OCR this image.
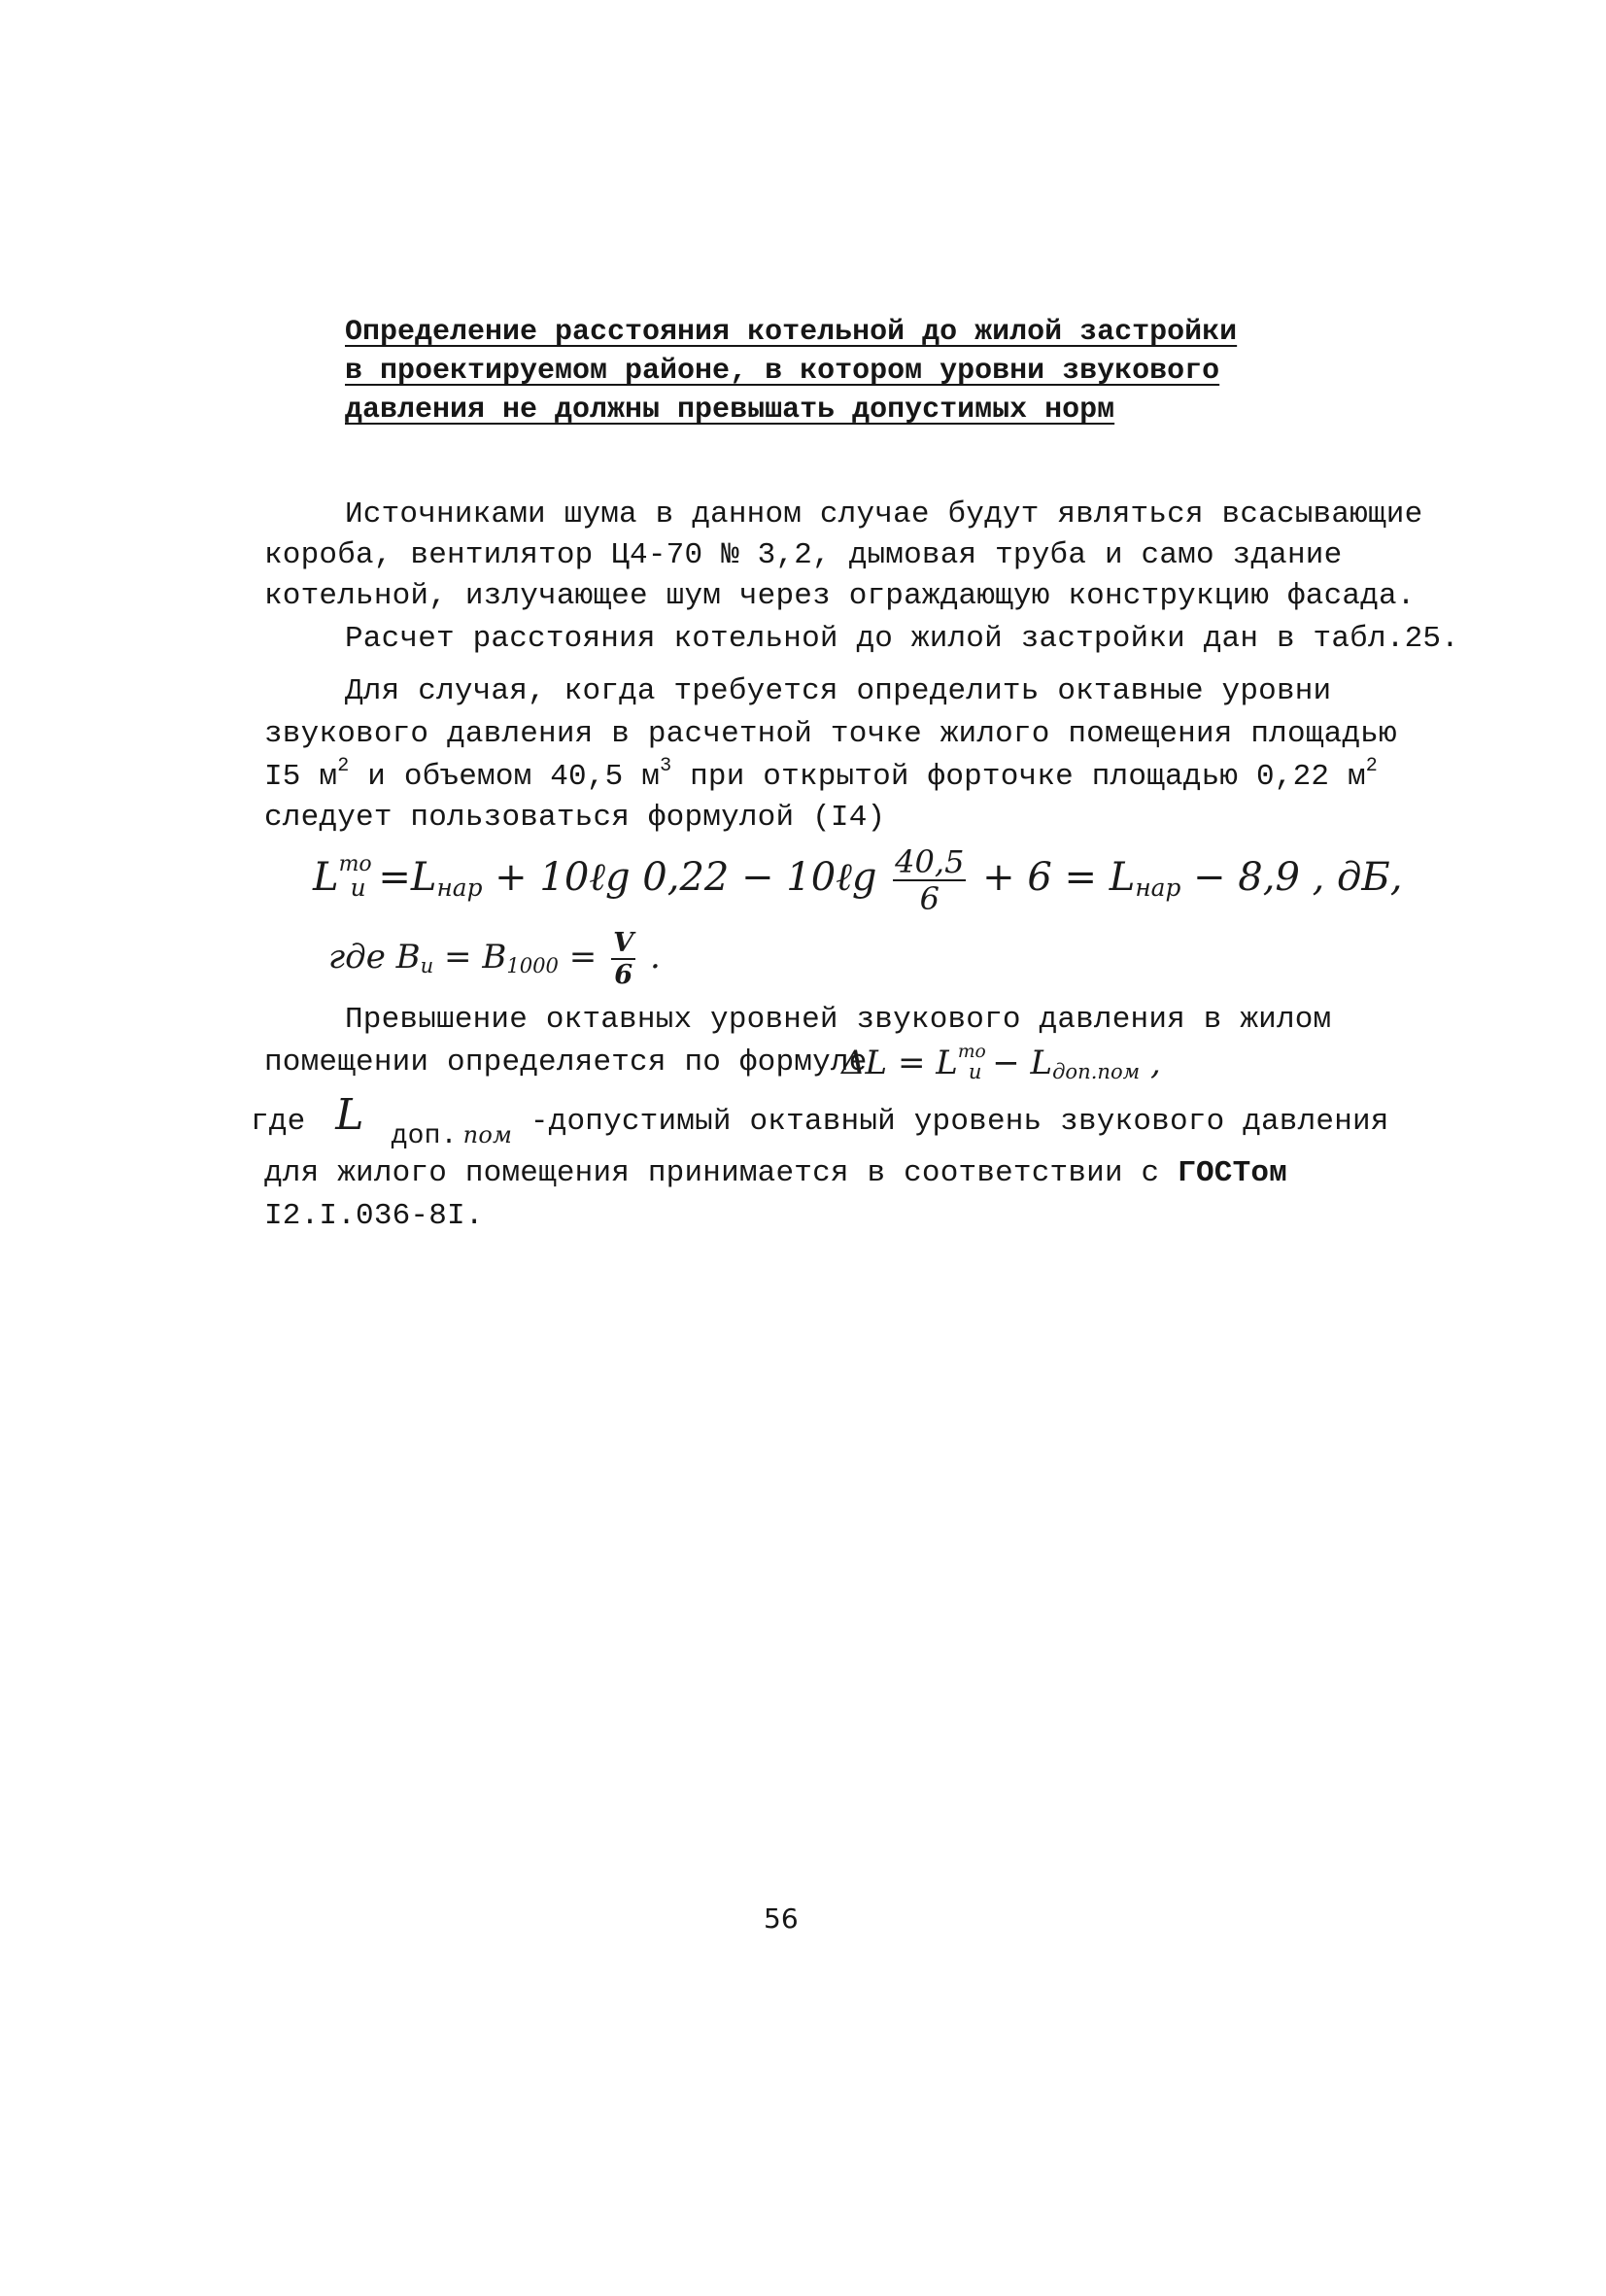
Определение расстояния котельной до жилой застройки
в проектируемом районе, в котором уровни звукового
давления не должны превышать допустимых норм
Источниками шума в данном случае будут являться всасывающие
короба, вентилятор Ц4-70 № 3,2, дымовая труба и само здание
котельной, излучающее шум через ограждающую конструкцию фасада.
Расчет расстояния котельной до жилой застройки дан в табл.25.
Для случая, когда требуется определить октавные уровни
звукового давления в расчетной точке жилого помещения площадью
I5 $м^2$ и объемом 40,5 $м^3$ при открытой форточке площадью 0,22 $м^2$
следует пользоваться формулой (I4)
$L^{то}и$ =Lнар + 10ℓg 0,22 − 10ℓg $\frac{40,5}{6} + 6$ = Lнар − 8,9 , дБ,
где Bи = $B1000 = \frac{V}{6}$ .
Превышение октавных уровней звукового давления в жилом
помещении определяется по формуле
$\Delta L = L^{то}и$ − Lдоп.пом ,
где L доп. пом -допустимый октавный уровень звукового давления
для жилого помещения принимается в соответствии с ГОСТом
I2.I.036-8I.
56
